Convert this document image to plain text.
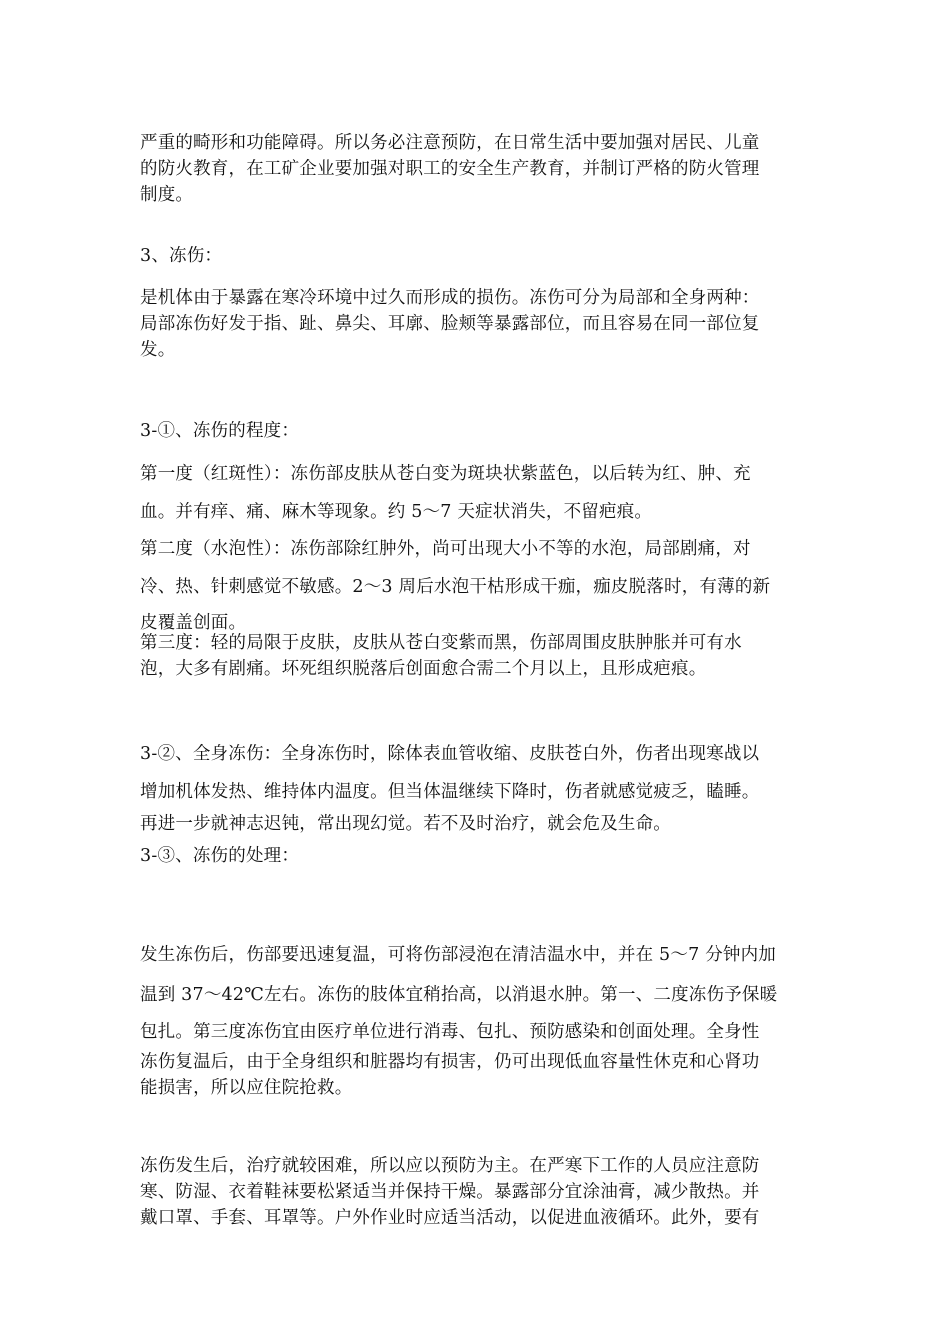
严重的畸形和功能障碍。所以务必注意预防，在日常生活中要加强对居民、儿童
的防火教育，在工矿企业要加强对职工的安全生产教育，并制订严格的防火管理
制度。
3、冻伤：
是机体由于暴露在寒冷环境中过久而形成的损伤。冻伤可分为局部和全身两种：
局部冻伤好发于指、趾、鼻尖、耳廓、脸颊等暴露部位，而且容易在同一部位复
发。
3-①、冻伤的程度：
第一度（红斑性）：冻伤部皮肤从苍白变为斑块状紫蓝色，以后转为红、肿、充
血。并有痒、痛、麻木等现象。约 5～7 天症状消失，不留疤痕。
第二度（水泡性）：冻伤部除红肿外，尚可出现大小不等的水泡，局部剧痛，对
冷、热、针刺感觉不敏感。2～3 周后水泡干枯形成干痂，痂皮脱落时，有薄的新
皮覆盖创面。
第三度：轻的局限于皮肤，皮肤从苍白变紫而黑，伤部周围皮肤肿胀并可有水
泡，大多有剧痛。坏死组织脱落后创面愈合需二个月以上，且形成疤痕。
3-②、全身冻伤：全身冻伤时，除体表血管收缩、皮肤苍白外，伤者出现寒战以
增加机体发热、维持体内温度。但当体温继续下降时，伤者就感觉疲乏，瞌睡。
再进一步就神志迟钝，常出现幻觉。若不及时治疗，就会危及生命。
3-③、冻伤的处理：
发生冻伤后，伤部要迅速复温，可将伤部浸泡在清洁温水中，并在 5～7 分钟内加
温到 37～42℃左右。冻伤的肢体宜稍抬高，以消退水肿。第一、二度冻伤予保暖
包扎。第三度冻伤宜由医疗单位进行消毒、包扎、预防感染和创面处理。全身性
冻伤复温后，由于全身组织和脏器均有损害，仍可出现低血容量性休克和心肾功
能损害，所以应住院抢救。
冻伤发生后，治疗就较困难，所以应以预防为主。在严寒下工作的人员应注意防
寒、防湿、衣着鞋袜要松紧适当并保持干燥。暴露部分宜涂油膏，减少散热。并
戴口罩、手套、耳罩等。户外作业时应适当活动，以促进血液循环。此外，要有
